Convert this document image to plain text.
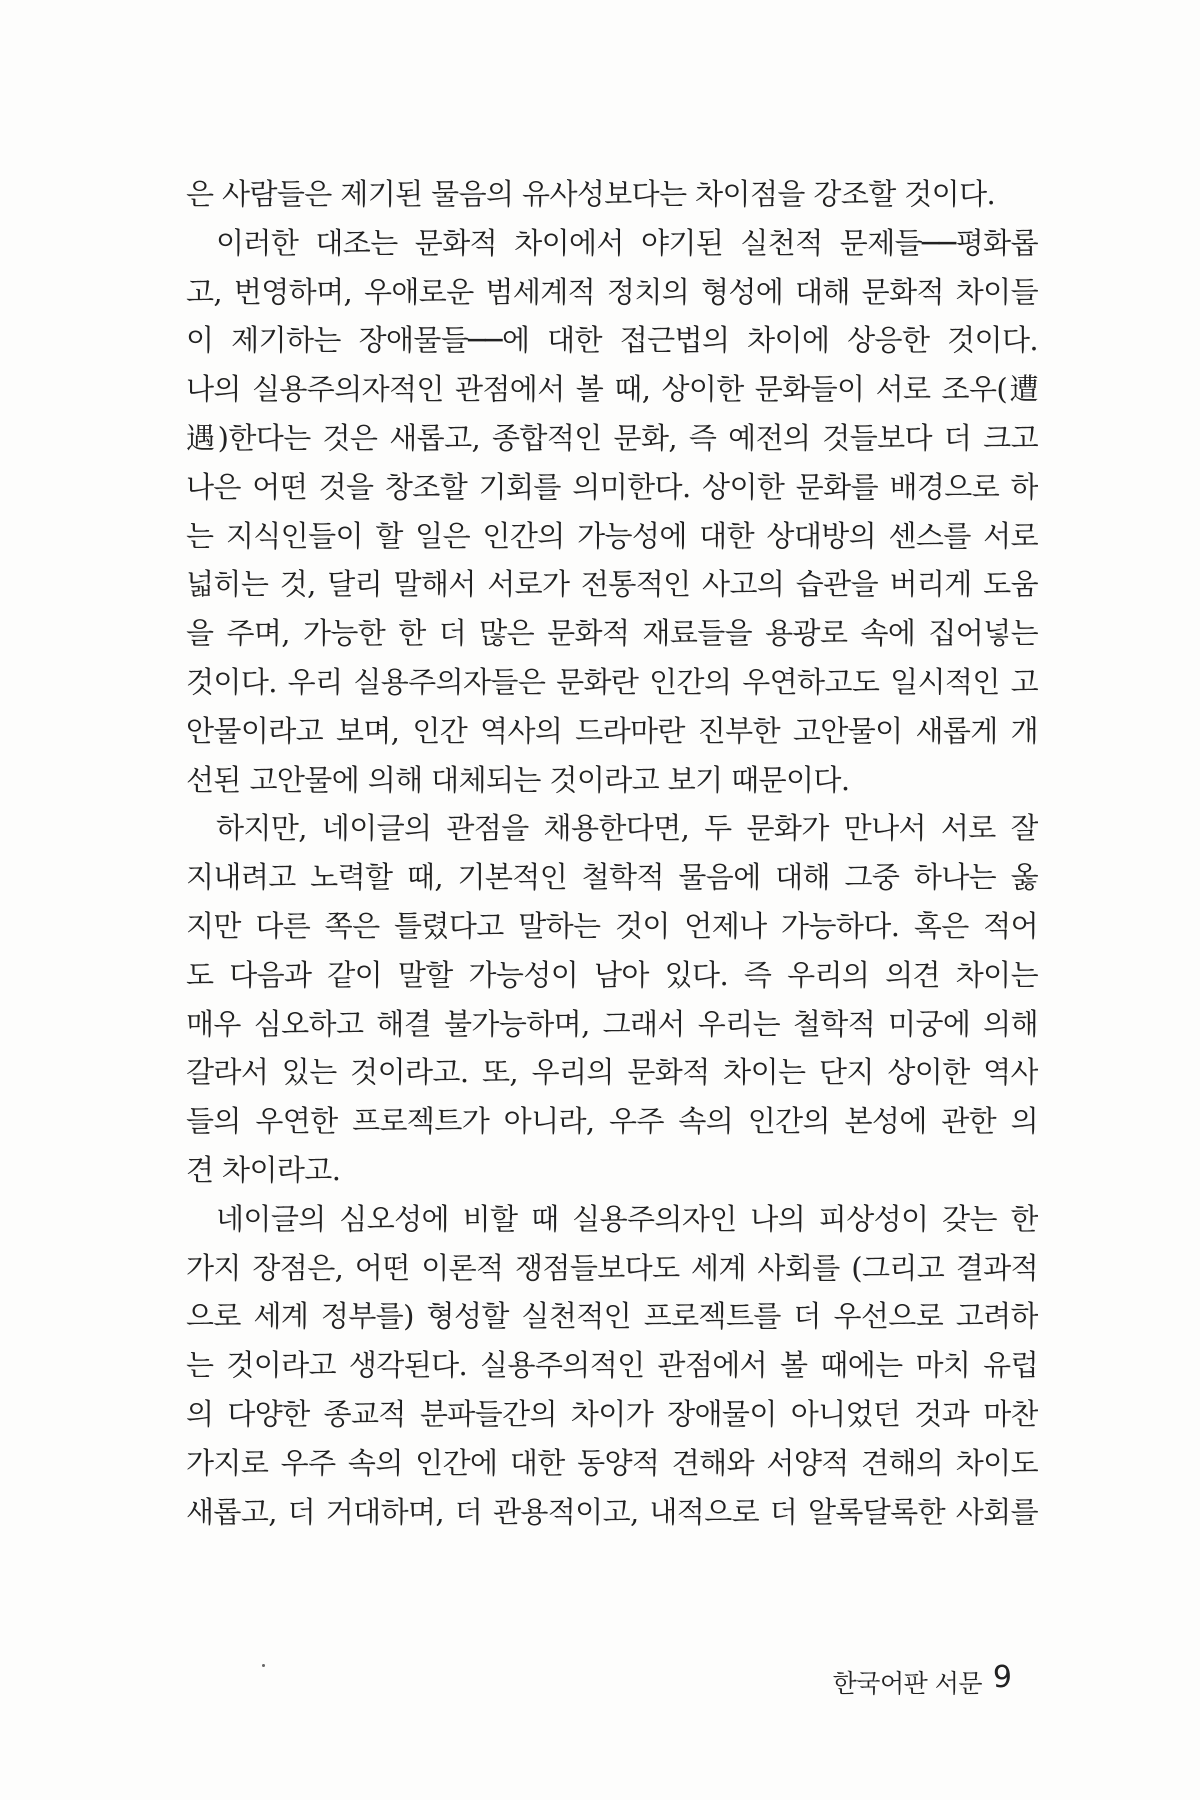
은 사람들은 제기된 물음의 유사성보다는 차이점을 강조할 것이다.
이러한 대조는 문화적 차이에서 야기된 실천적 문제들──평화롭
고, 번영하며, 우애로운 범세계적 정치의 형성에 대해 문화적 차이들
이 제기하는 장애물들──에 대한 접근법의 차이에 상응한 것이다.
나의 실용주의자적인 관점에서 볼 때, 상이한 문화들이 서로 조우(遭
遇)한다는 것은 새롭고, 종합적인 문화, 즉 예전의 것들보다 더 크고
나은 어떤 것을 창조할 기회를 의미한다. 상이한 문화를 배경으로 하
는 지식인들이 할 일은 인간의 가능성에 대한 상대방의 센스를 서로
넓히는 것, 달리 말해서 서로가 전통적인 사고의 습관을 버리게 도움
을 주며, 가능한 한 더 많은 문화적 재료들을 용광로 속에 집어넣는
것이다. 우리 실용주의자들은 문화란 인간의 우연하고도 일시적인 고
안물이라고 보며, 인간 역사의 드라마란 진부한 고안물이 새롭게 개
선된 고안물에 의해 대체되는 것이라고 보기 때문이다.
하지만, 네이글의 관점을 채용한다면, 두 문화가 만나서 서로 잘
지내려고 노력할 때, 기본적인 철학적 물음에 대해 그중 하나는 옳
지만 다른 쪽은 틀렸다고 말하는 것이 언제나 가능하다. 혹은 적어
도 다음과 같이 말할 가능성이 남아 있다. 즉 우리의 의견 차이는
매우 심오하고 해결 불가능하며, 그래서 우리는 철학적 미궁에 의해
갈라서 있는 것이라고. 또, 우리의 문화적 차이는 단지 상이한 역사
들의 우연한 프로젝트가 아니라, 우주 속의 인간의 본성에 관한 의
견 차이라고.
네이글의 심오성에 비할 때 실용주의자인 나의 피상성이 갖는 한
가지 장점은, 어떤 이론적 쟁점들보다도 세계 사회를 (그리고 결과적
으로 세계 정부를) 형성할 실천적인 프로젝트를 더 우선으로 고려하
는 것이라고 생각된다. 실용주의적인 관점에서 볼 때에는 마치 유럽
의 다양한 종교적 분파들간의 차이가 장애물이 아니었던 것과 마찬
가지로 우주 속의 인간에 대한 동양적 견해와 서양적 견해의 차이도
새롭고, 더 거대하며, 더 관용적이고, 내적으로 더 알록달록한 사회를
한국어판 서문 9
